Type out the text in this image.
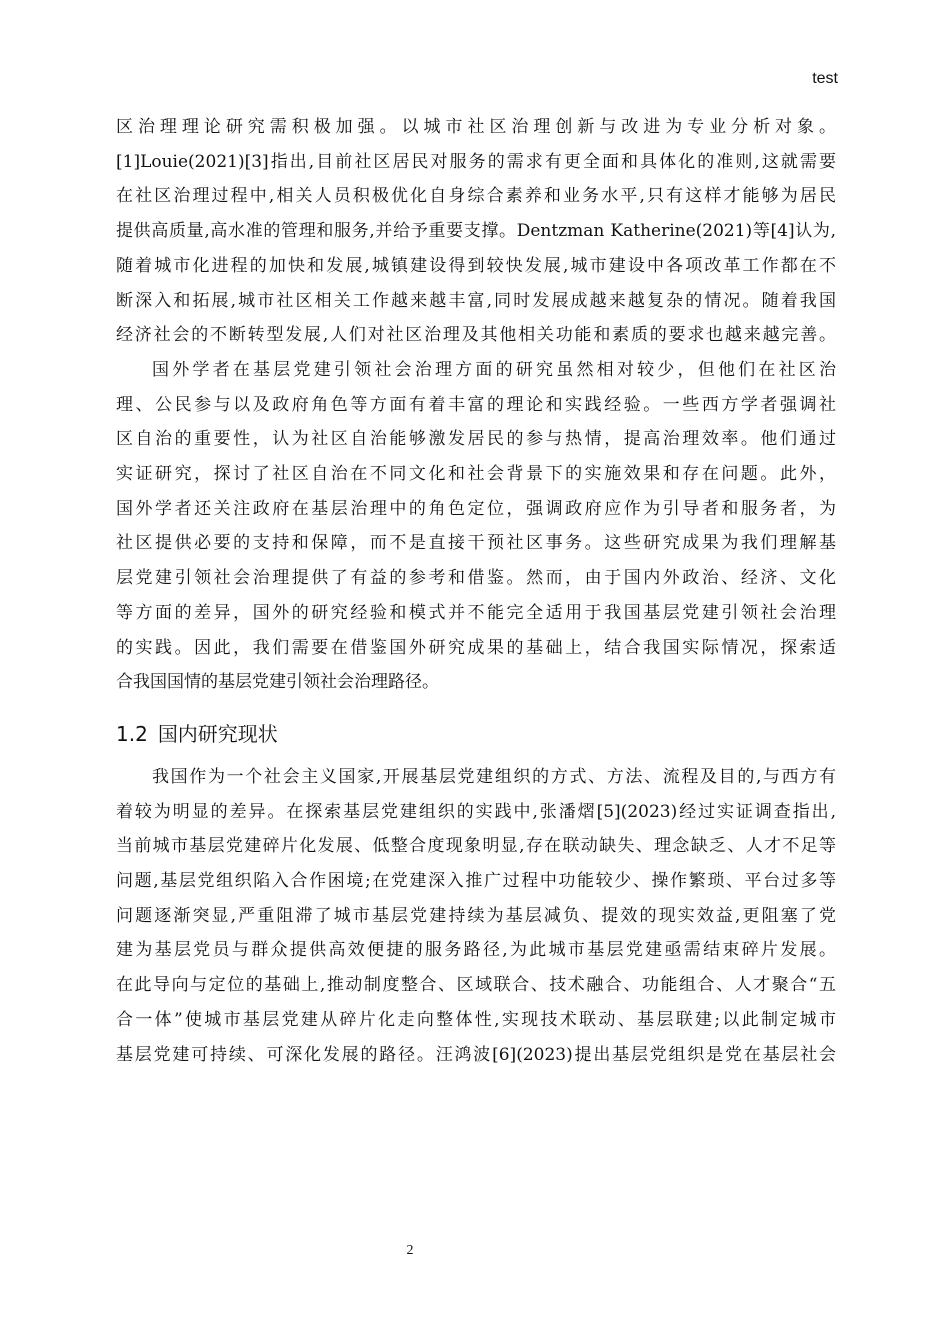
test

区治理理论研究需积极加强。以城市社区治理创新与改进为专业分析对象。

[1]Louie(2021)[3]指出,目前社区居民对服务的需求有更全面和具体化的准则,这就需要

在社区治理过程中,相关人员积极优化自身综合素养和业务水平,只有这样才能够为居民

提供高质量,高水准的管理和服务,并给予重要支撑。Dentzman Katherine(2021)等[4]认为,

随着城市化进程的加快和发展,城镇建设得到较快发展,城市建设中各项改革工作都在不

断深入和拓展,城市社区相关工作越来越丰富,同时发展成越来越复杂的情况。随着我国

经济社会的不断转型发展,人们对社区治理及其他相关功能和素质的要求也越来越完善。

国外学者在基层党建引领社会治理方面的研究虽然相对较少，但他们在社区治

理、公民参与以及政府角色等方面有着丰富的理论和实践经验。一些西方学者强调社

区自治的重要性，认为社区自治能够激发居民的参与热情，提高治理效率。他们通过

实证研究，探讨了社区自治在不同文化和社会背景下的实施效果和存在问题。此外，

国外学者还关注政府在基层治理中的角色定位，强调政府应作为引导者和服务者，为

社区提供必要的支持和保障，而不是直接干预社区事务。这些研究成果为我们理解基

层党建引领社会治理提供了有益的参考和借鉴。然而，由于国内外政治、经济、文化

等方面的差异，国外的研究经验和模式并不能完全适用于我国基层党建引领社会治理

的实践。因此，我们需要在借鉴国外研究成果的基础上，结合我国实际情况，探索适

合我国国情的基层党建引领社会治理路径。

1.2 国内研究现状

我国作为一个社会主义国家,开展基层党建组织的方式、方法、流程及目的,与西方有

着较为明显的差异。在探索基层党建组织的实践中,张潘熠[5](2023)经过实证调查指出,

当前城市基层党建碎片化发展、低整合度现象明显,存在联动缺失、理念缺乏、人才不足等

问题,基层党组织陷入合作困境;在党建深入推广过程中功能较少、操作繁琐、平台过多等

问题逐渐突显,严重阻滞了城市基层党建持续为基层减负、提效的现实效益,更阻塞了党

建为基层党员与群众提供高效便捷的服务路径,为此城市基层党建亟需结束碎片发展。

在此导向与定位的基础上,推动制度整合、区域联合、技术融合、功能组合、人才聚合“五

合一体”使城市基层党建从碎片化走向整体性,实现技术联动、基层联建;以此制定城市

基层党建可持续、可深化发展的路径。汪鸿波[6](2023)提出基层党组织是党在基层社会

2
